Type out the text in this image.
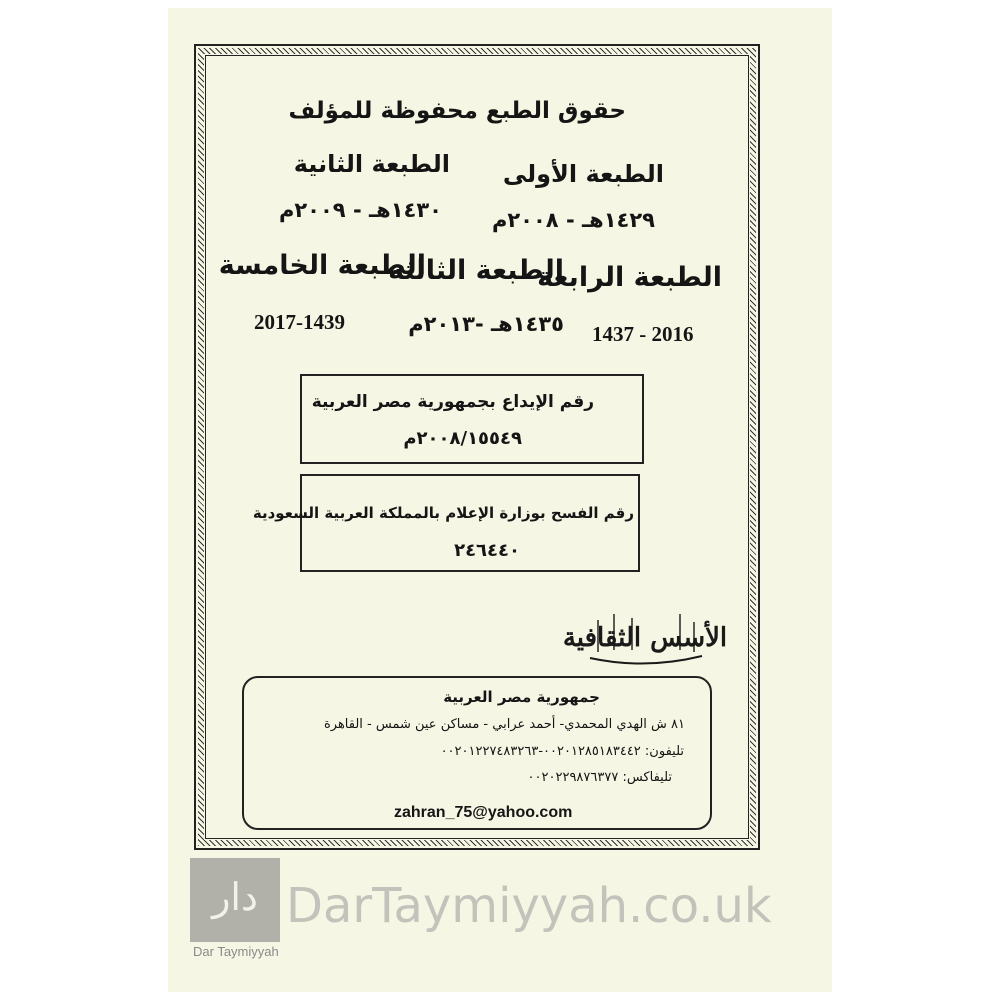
حقوق الطبع محفوظة للمؤلف
الطبعة الأولى
الطبعة الثانية
١٤٢٩هـ - ٢٠٠٨م
١٤٣٠هـ - ٢٠٠٩م
الطبعة الرابعة
الطبعة الثالثة
الطبعة الخامسة
1437 - 2016
١٤٣٥هـ -٢٠١٣م
2017-1439
رقم الإيداع بجمهورية مصر العربية
٢٠٠٨/١٥٥٤٩م
رقم الفسح بوزارة الإعلام بالمملكة العربية السعودية
٢٤٦٤٤٠
الأسس الثقافية
جمهورية مصر العربية
٨١ ش الهدي المحمدي- أحمد عرابي - مساكن عين شمس - القاهرة
تليفون: ٠٠٢٠١٢٨٥١٨٣٤٤٢-٠٠٢٠١٢٢٧٤٨٣٢٦٣
تليفاكس: ٠٠٢٠٢٢٩٨٧٦٣٧٧
zahran_75@yahoo.com
دار
Dar Taymiyyah
DarTaymiyyah.co.uk
